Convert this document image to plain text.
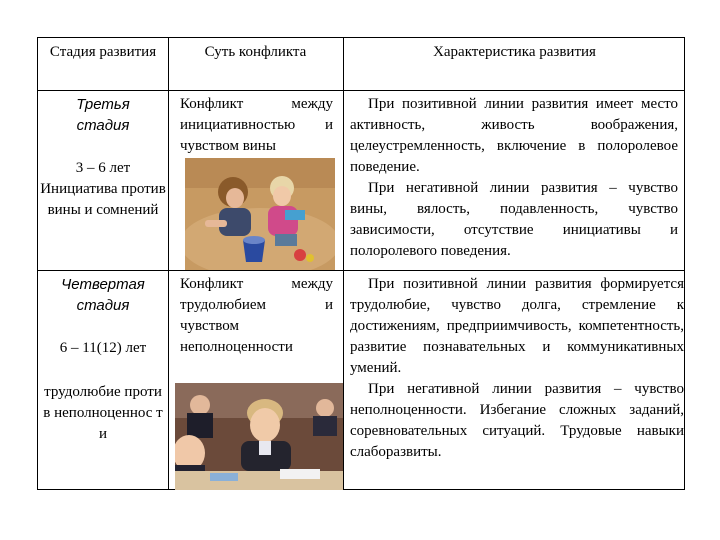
Стадия развития	Суть конфликта	Характеристика развития
Третья стадия
3 – 6 лет
Инициатива против вины и сомнений
Конфликт между инициативностью и чувством вины

При позитивной линии развития имеет место активность, живость воображения, целеустремленность, включение в полоролевое поведение.

При негативной линии развития – чувство вины, вялость, подавленность, чувство зависимости, отсутствие инициативы и полоролевого поведения.

Четвертая стадия
6 – 11(12) лет
трудолюбие против неполноценнос ти
Конфликт между трудолюбием и чувством неполноценности

При позитивной линии развития формируется трудолюбие, чувство долга, стремление к достижениям, предприимчивость, компетентность, развитие познавательных и коммуникативных умений.

При негативной линии развития – чувство неполноценности. Избегание сложных заданий, соревновательных ситуаций. Трудовые навыки слаборазвиты.
